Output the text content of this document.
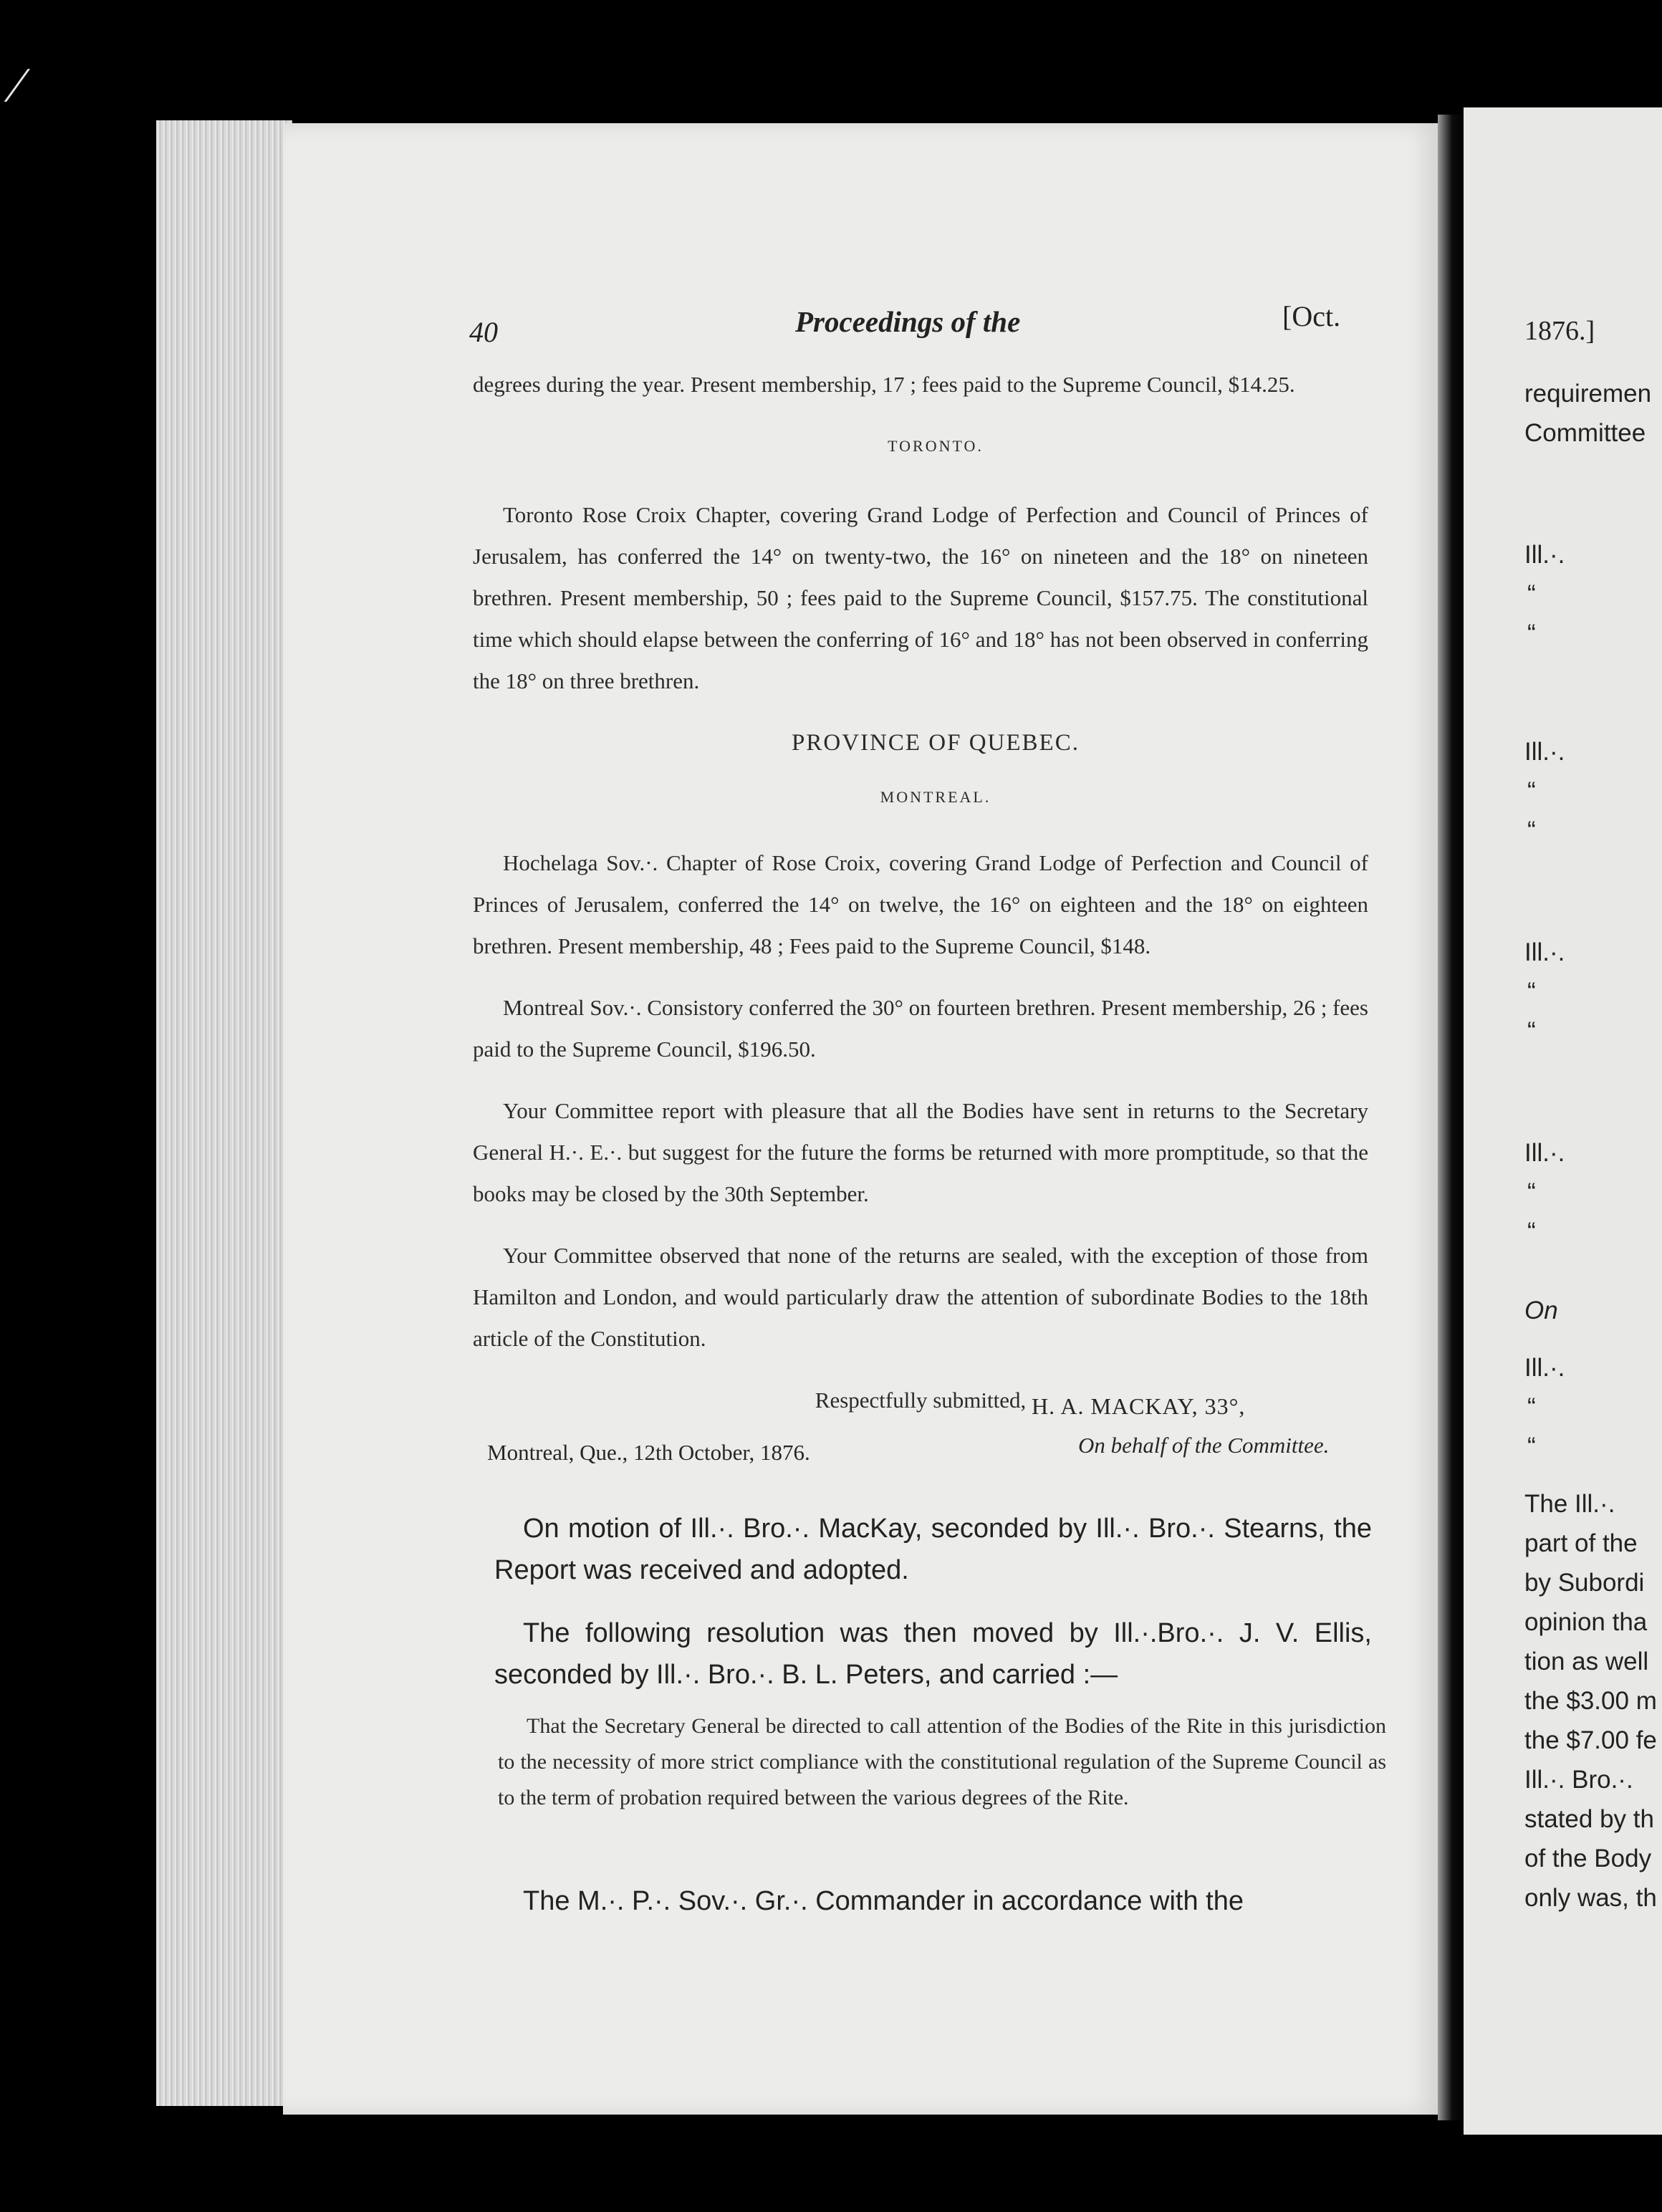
⁄
40	Proceedings of the	[Oct.

degrees during the year. Present membership, 17 ; fees paid to the Supreme Council, $14.25.

TORONTO.

Toronto Rose Croix Chapter, covering Grand Lodge of Perfection and Council of Princes of Jerusalem, has conferred the 14° on twenty-two, the 16° on nineteen and the 18° on nineteen brethren. Present membership, 50 ; fees paid to the Supreme Council, $157.75. The constitutional time which should elapse between the conferring of 16° and 18° has not been observed in conferring the 18° on three brethren.

PROVINCE OF QUEBEC.

MONTREAL.

Hochelaga Sov.·. Chapter of Rose Croix, covering Grand Lodge of Perfection and Council of Princes of Jerusalem, conferred the 14° on twelve, the 16° on eighteen and the 18° on eighteen brethren. Present membership, 48 ; Fees paid to the Supreme Council, $148.

Montreal Sov.·. Consistory conferred the 30° on fourteen brethren. Present membership, 26 ; fees paid to the Supreme Council, $196.50.

Your Committee report with pleasure that all the Bodies have sent in returns to the Secretary General H.·. E.·. but suggest for the future the forms be returned with more promptitude, so that the books may be closed by the 30th September.

Your Committee observed that none of the returns are sealed, with the exception of those from Hamilton and London, and would particularly draw the attention of subordinate Bodies to the 18th article of the Constitution.

Respectfully submitted, H. A. MACKAY, 33°,
Montreal, Que., 12th October, 1876.	On behalf of the Committee.

On motion of Ill.·. Bro.·. MacKay, seconded by Ill.·. Bro.·. Stearns, the Report was received and adopted.

The following resolution was then moved by Ill.·.Bro.·. J. V. Ellis, seconded by Ill.·. Bro.·. B. L. Peters, and carried :—

That the Secretary General be directed to call attention of the Bodies of the Rite in this jurisdiction to the necessity of more strict compliance with the constitutional regulation of the Supreme Council as to the term of probation required between the various degrees of the Rite.

The M.·. P.·. Sov.·. Gr.·. Commander in accordance with the

1876.]
requiremen
Committee
Ill.·.
“
“
Ill.·.
“
“
Ill.·.
“
“
Ill.·.
“
“
On
Ill.·.
“
“
The Ill.·.
part of the
by Subordi
opinion tha
tion as well
the $3.00 m
the $7.00 fe
Ill.·. Bro.·.
stated by th
of the Body
only was, th
